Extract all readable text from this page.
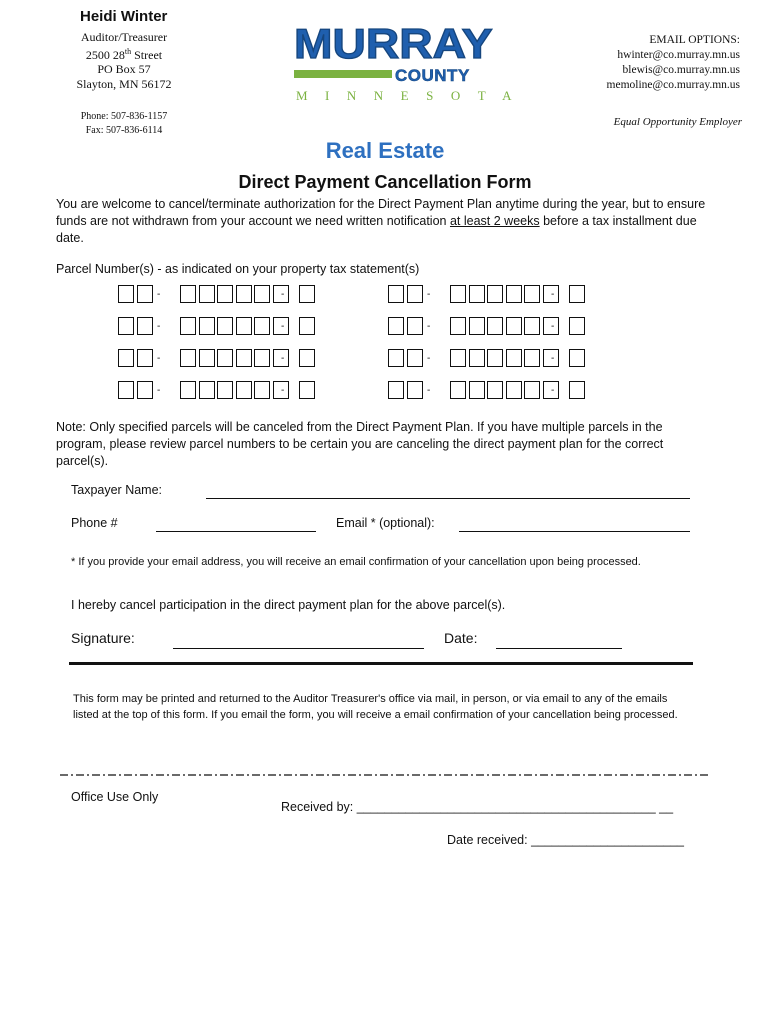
Heidi Winter
Auditor/Treasurer
2500 28th Street
PO Box 57
Slayton, MN 56172
Phone: 507-836-1157
Fax: 507-836-6114
MURRAY
COUNTY
MINNESOTA
EMAIL OPTIONS:
hwinter@co.murray.mn.us
blewis@co.murray.mn.us
memoline@co.murray.mn.us
Equal Opportunity Employer
Real Estate
Direct Payment Cancellation Form
You are welcome to cancel/terminate authorization for the Direct Payment Plan anytime during the year, but to ensure funds are not withdrawn from your account we need written notification at least 2 weeks before a tax installment due date.
Parcel Number(s) - as indicated on your property tax statement(s)
-	-	-	-
-	-	-	-
-	-	-	-
-	-	-	-
Note: Only specified parcels will be canceled from the Direct Payment Plan. If you have multiple parcels in the program, please review parcel numbers to be certain you are canceling the direct payment plan for the correct parcel(s).
Taxpayer Name:
Phone #	Email * (optional):
* If you provide your email address, you will receive an email confirmation of your cancellation upon being processed.
I hereby cancel participation in the direct payment plan for the above parcel(s).
Signature:	Date:
This form may be printed and returned to the Auditor Treasurer's office via mail, in person, or via email to any of the emails listed at the top of this form. If you email the form, you will receive a email confirmation of your cancellation being processed.
Office Use Only
Received by: ___________________________________________ __
Date received: ______________________
